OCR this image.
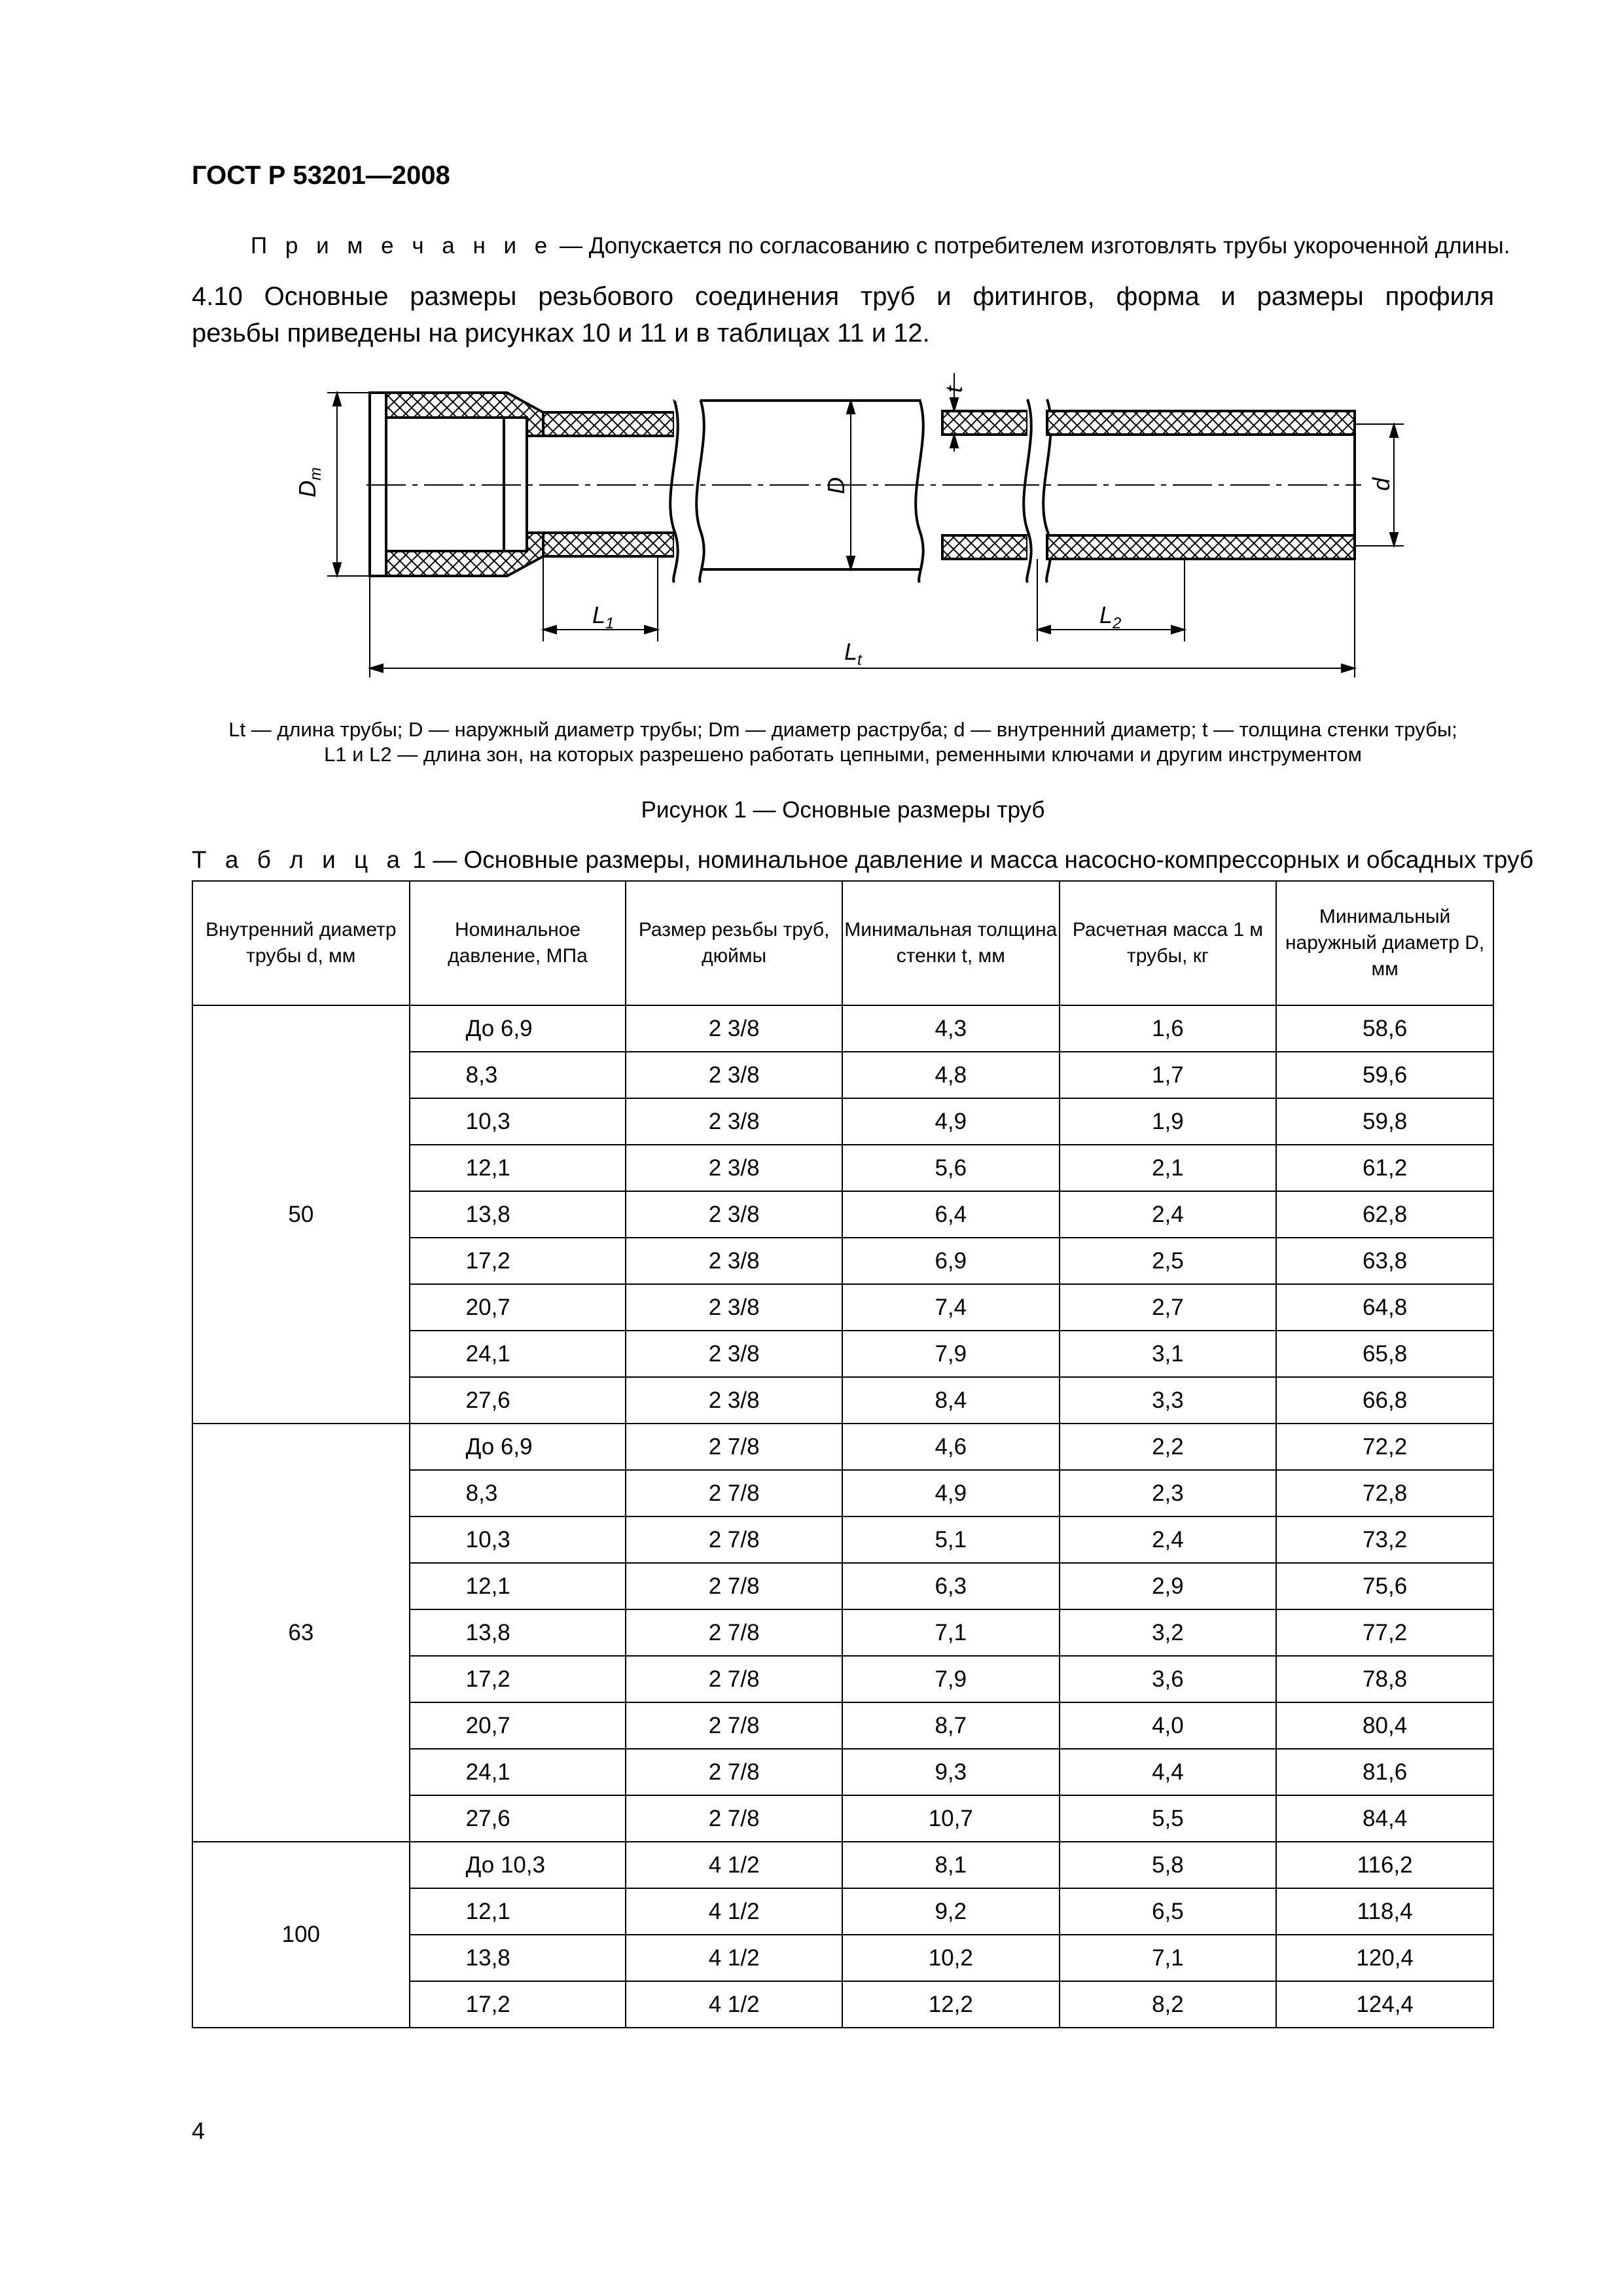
ГОСТ Р 53201—2008
П р и м е ч а н и е — Допускается по согласованию с потребителем изготовлять трубы укороченной длины.
4.10 Основные размеры резьбового соединения труб и фитингов, форма и размеры профиля
резьбы приведены на рисунках 10 и 11 и в таблицах 11 и 12.
$D_m$
D	d
t
$L_1$	$L_2$
$L_t$
Lt — длина трубы; D — наружный диаметр трубы; Dm — диаметр раструба; d — внутренний диаметр; t — толщина стенки трубы;
L1 и L2 — длина зон, на которых разрешено работать цепными, ременными ключами и другим инструментом
Рисунок 1 — Основные размеры труб
Т а б л и ц а 1 — Основные размеры, номинальное давление и масса насосно-компрессорных и обсадных труб
Внутренний диаметр трубы d, мм	Номинальное давление, МПа	Размер резьбы труб, дюймы	Минимальная толщина стенки t, мм	Расчетная масса 1 м трубы, кг	Минимальный наружный диаметр D, мм
50	До 6,9	2 3/8	4,3	1,6	58,6
	8,3	2 3/8	4,8	1,7	59,6
	10,3	2 3/8	4,9	1,9	59,8
	12,1	2 3/8	5,6	2,1	61,2
	13,8	2 3/8	6,4	2,4	62,8
	17,2	2 3/8	6,9	2,5	63,8
	20,7	2 3/8	7,4	2,7	64,8
	24,1	2 3/8	7,9	3,1	65,8
	27,6	2 3/8	8,4	3,3	66,8
63	До 6,9	2 7/8	4,6	2,2	72,2
	8,3	2 7/8	4,9	2,3	72,8
	10,3	2 7/8	5,1	2,4	73,2
	12,1	2 7/8	6,3	2,9	75,6
	13,8	2 7/8	7,1	3,2	77,2
	17,2	2 7/8	7,9	3,6	78,8
	20,7	2 7/8	8,7	4,0	80,4
	24,1	2 7/8	9,3	4,4	81,6
	27,6	2 7/8	10,7	5,5	84,4
100	До 10,3	4 1/2	8,1	5,8	116,2
	12,1	4 1/2	9,2	6,5	118,4
	13,8	4 1/2	10,2	7,1	120,4
	17,2	4 1/2	12,2	8,2	124,4
4
